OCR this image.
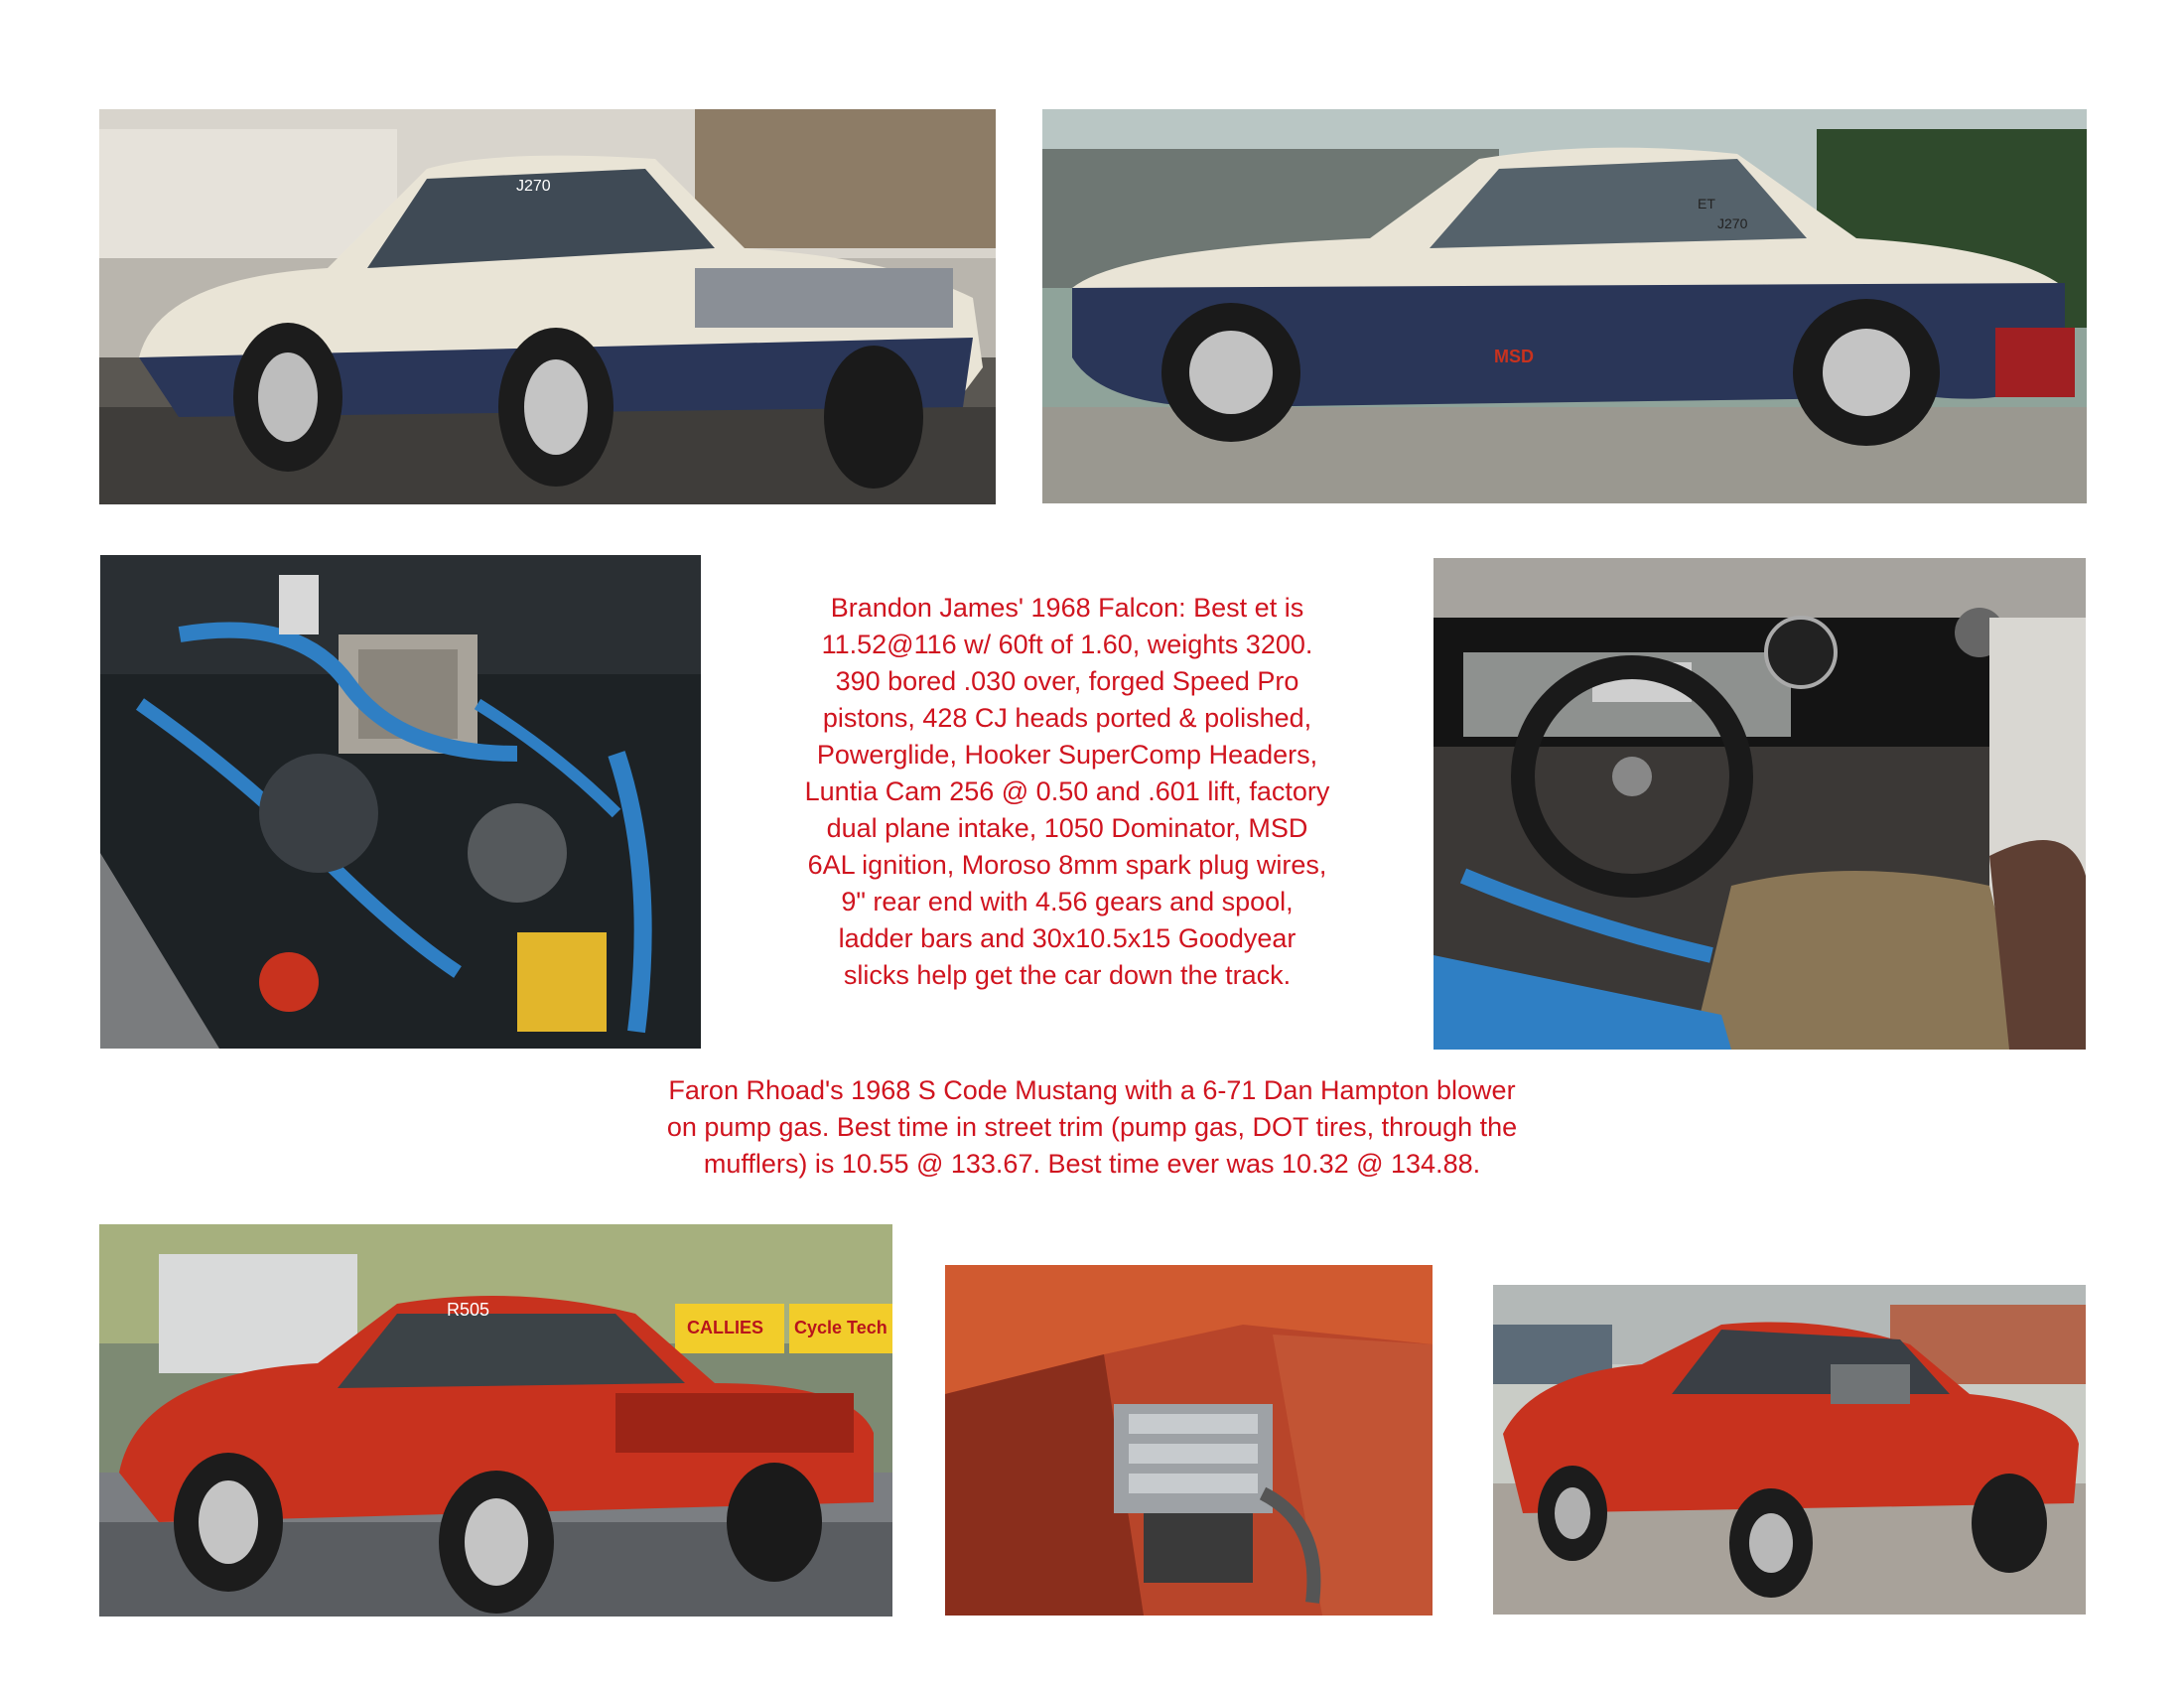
J270
ET
J270
MSD
R505
CALLIES Cycle Tech

Brandon James' 1968 Falcon: Best et is
11.52@116 w/ 60ft of 1.60, weights 3200.
390 bored .030 over, forged Speed Pro
pistons, 428 CJ heads ported & polished,
Powerglide, Hooker SuperComp Headers,
Luntia Cam 256 @ 0.50 and .601 lift, factory
dual plane intake, 1050 Dominator, MSD
6AL ignition, Moroso 8mm spark plug wires,
9" rear end with 4.56 gears and spool,
ladder bars and 30x10.5x15 Goodyear
slicks help get the car down the track.

Faron Rhoad's 1968 S Code Mustang with a 6-71 Dan Hampton blower
on pump gas. Best time in street trim (pump gas, DOT tires, through the
mufflers) is 10.55 @ 133.67. Best time ever was 10.32 @ 134.88.
